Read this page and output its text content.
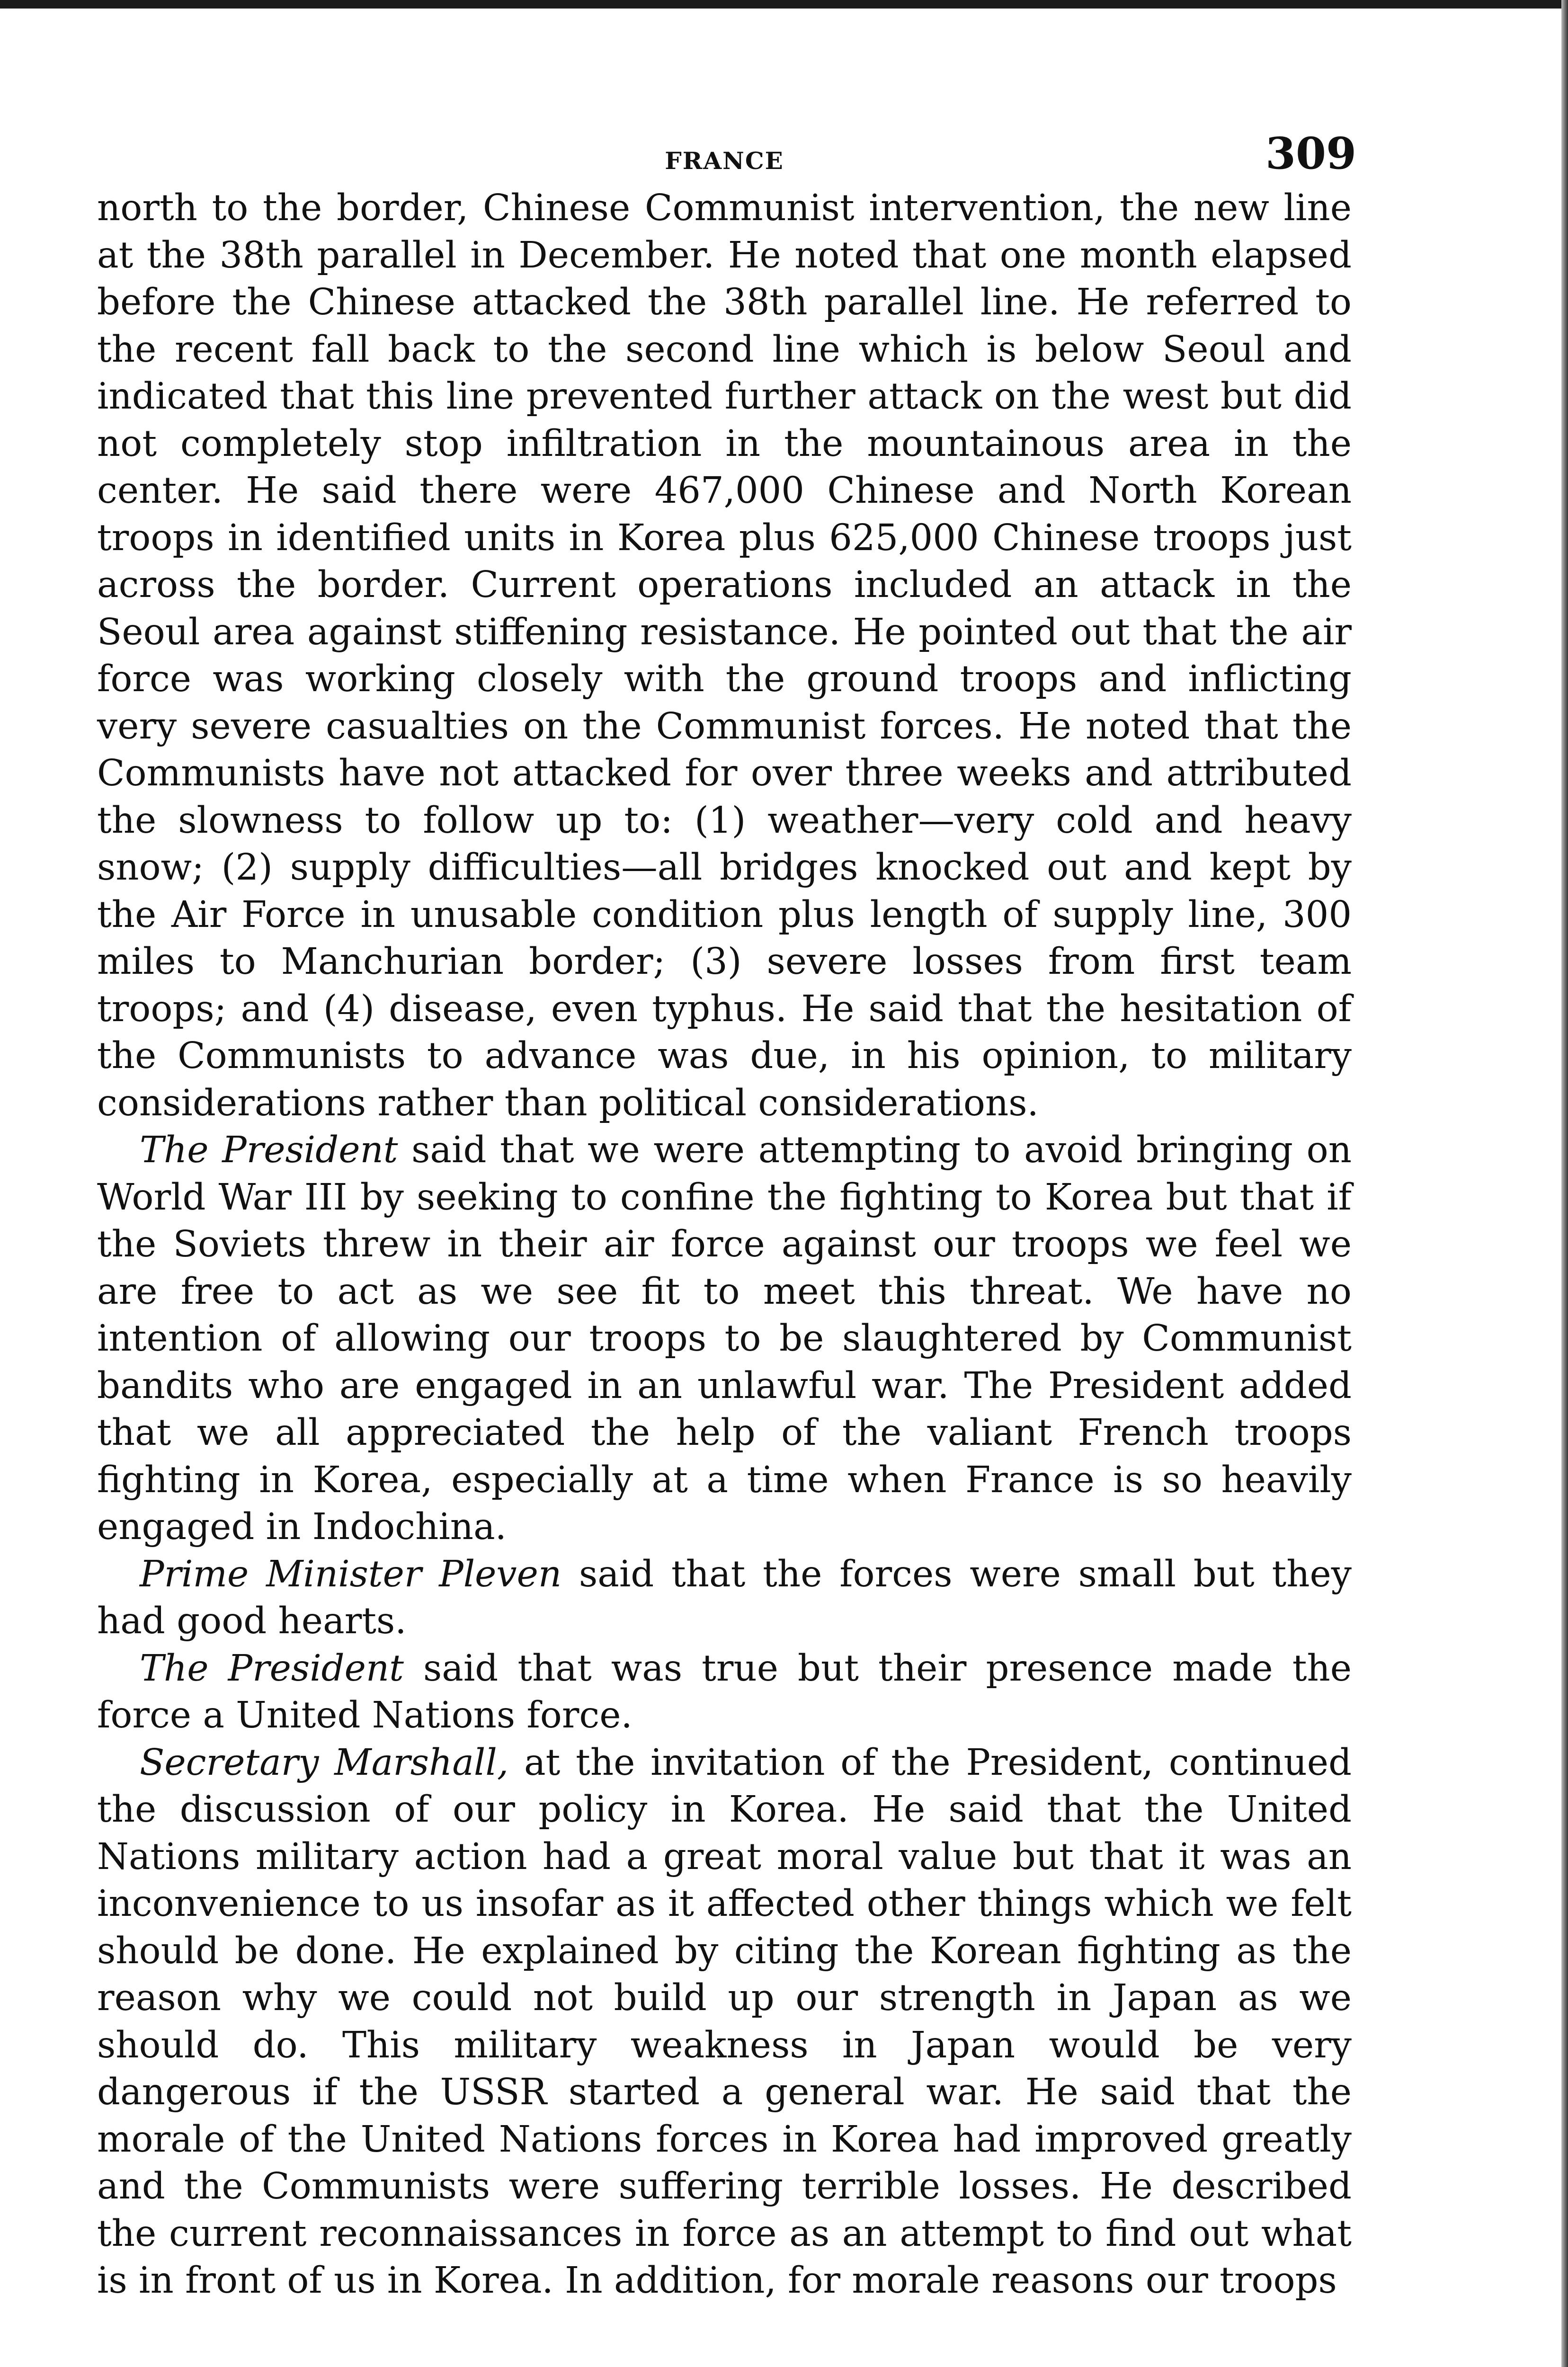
FRANCE	309

north to the border, Chinese Communist intervention, the new line at the 38th parallel in December. He noted that one month elapsed before the Chinese attacked the 38th parallel line. He referred to the recent fall back to the second line which is below Seoul and indicated that this line prevented further attack on the west but did not completely stop infiltration in the mountainous area in the center. He said there were 467,000 Chinese and North Korean troops in identified units in Korea plus 625,000 Chinese troops just across the border. Current operations included an attack in the Seoul area against stiffening resistance. He pointed out that the air force was working closely with the ground troops and inflicting very severe casualties on the Communist forces. He noted that the Communists have not attacked for over three weeks and attributed the slowness to follow up to: (1) weather—very cold and heavy snow; (2) supply difficulties—all bridges knocked out and kept by the Air Force in unusable condition plus length of supply line, 300 miles to Manchurian border; (3) severe losses from first team troops; and (4) disease, even typhus. He said that the hesitation of the Communists to advance was due, in his opinion, to military considerations rather than political considerations.

The President said that we were attempting to avoid bringing on World War III by seeking to confine the fighting to Korea but that if the Soviets threw in their air force against our troops we feel we are free to act as we see fit to meet this threat. We have no intention of allowing our troops to be slaughtered by Communist bandits who are engaged in an unlawful war. The President added that we all appreciated the help of the valiant French troops fighting in Korea, especially at a time when France is so heavily engaged in Indochina.

Prime Minister Pleven said that the forces were small but they had good hearts.

The President said that was true but their presence made the force a United Nations force.

Secretary Marshall, at the invitation of the President, continued the discussion of our policy in Korea. He said that the United Nations military action had a great moral value but that it was an inconvenience to us insofar as it affected other things which we felt should be done. He explained by citing the Korean fighting as the reason why we could not build up our strength in Japan as we should do. This military weakness in Japan would be very dangerous if the USSR started a general war. He said that the morale of the United Nations forces in Korea had improved greatly and the Communists were suffering terrible losses. He described the current reconnaissances in force as an attempt to find out what is in front of us in Korea. In addition, for morale reasons our troops
